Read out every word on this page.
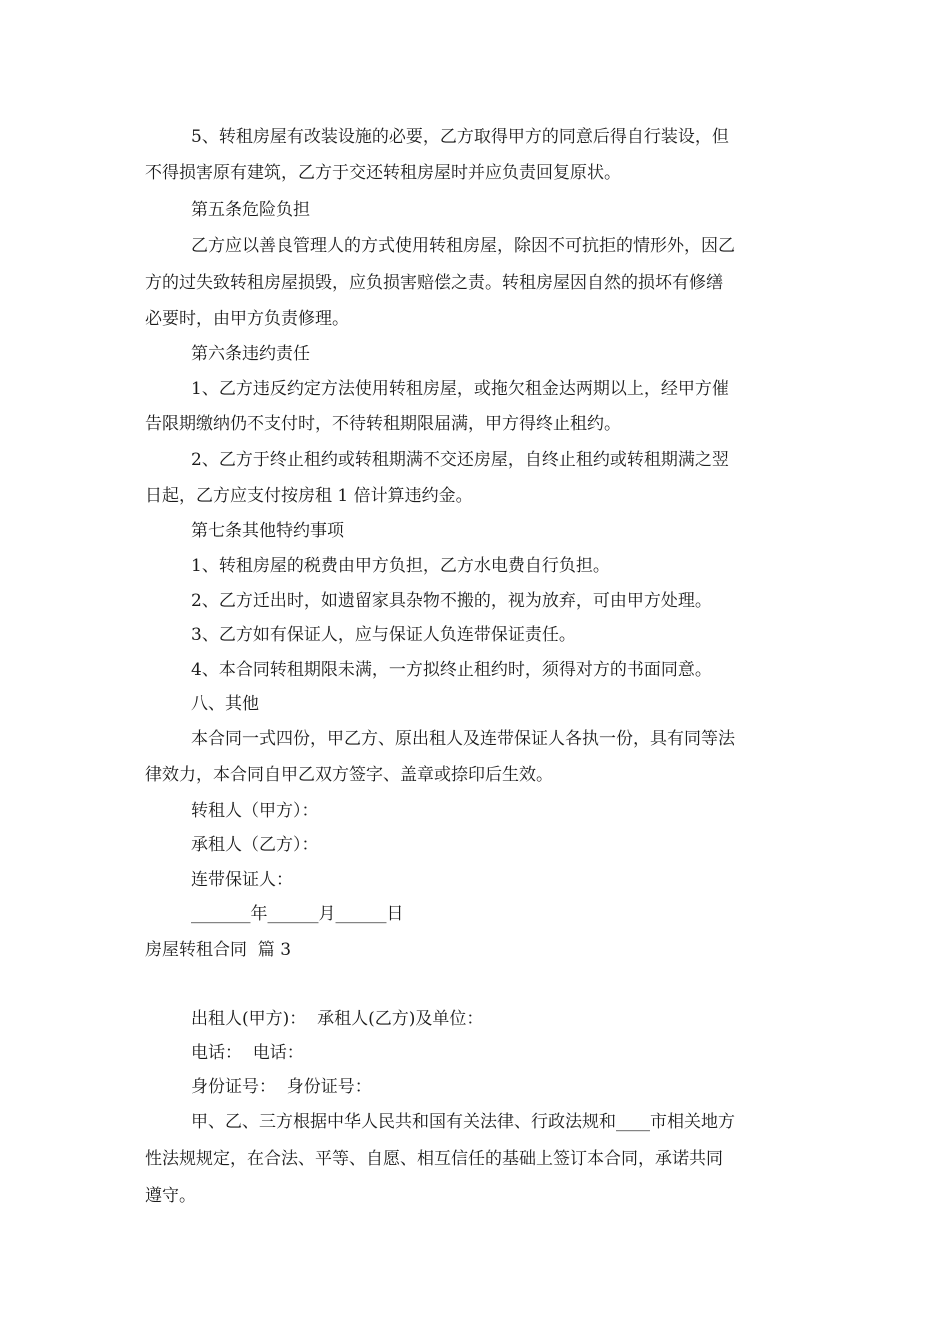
5、转租房屋有改装设施的必要，乙方取得甲方的同意后得自行装设，但
不得损害原有建筑，乙方于交还转租房屋时并应负责回复原状。
第五条危险负担
乙方应以善良管理人的方式使用转租房屋，除因不可抗拒的情形外，因乙
方的过失致转租房屋损毁，应负损害赔偿之责。转租房屋因自然的损坏有修缮
必要时，由甲方负责修理。
第六条违约责任
1、乙方违反约定方法使用转租房屋，或拖欠租金达两期以上，经甲方催
告限期缴纳仍不支付时，不待转租期限届满，甲方得终止租约。
2、乙方于终止租约或转租期满不交还房屋，自终止租约或转租期满之翌
日起，乙方应支付按房租 1 倍计算违约金。
第七条其他特约事项
1、转租房屋的税费由甲方负担，乙方水电费自行负担。
2、乙方迁出时，如遗留家具杂物不搬的，视为放弃，可由甲方处理。
3、乙方如有保证人，应与保证人负连带保证责任。
4、本合同转租期限未满，一方拟终止租约时，须得对方的书面同意。
八、其他
本合同一式四份，甲乙方、原出租人及连带保证人各执一份，具有同等法
律效力，本合同自甲乙双方签字、盖章或捺印后生效。
转租人（甲方）：
承租人（乙方）：
连带保证人：
_______年______月______日
房屋转租合同  篇 3
出租人(甲方)：  承租人(乙方)及单位：
电话：  电话：
身份证号：  身份证号：
甲、乙、三方根据中华人民共和国有关法律、行政法规和____市相关地方
性法规规定，在合法、平等、自愿、相互信任的基础上签订本合同，承诺共同
遵守。
